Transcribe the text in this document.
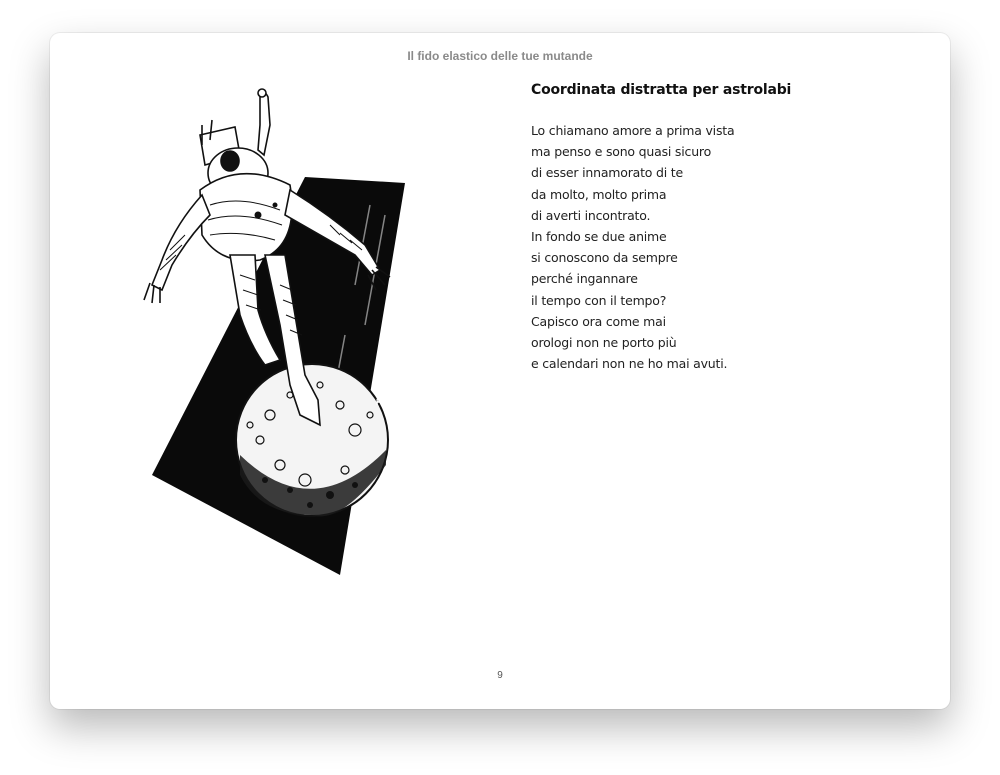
Il fido elastico delle tue mutande
TOPPI
Coordinata distratta per astrolabi
Lo chiamano amore a prima vista
ma penso e sono quasi sicuro
di esser innamorato di te
da molto, molto prima
di averti incontrato.
In fondo se due anime
si conoscono da sempre
perché ingannare
il tempo con il tempo?
Capisco ora come mai
orologi non ne porto più
e calendari non ne ho mai avuti.
9
